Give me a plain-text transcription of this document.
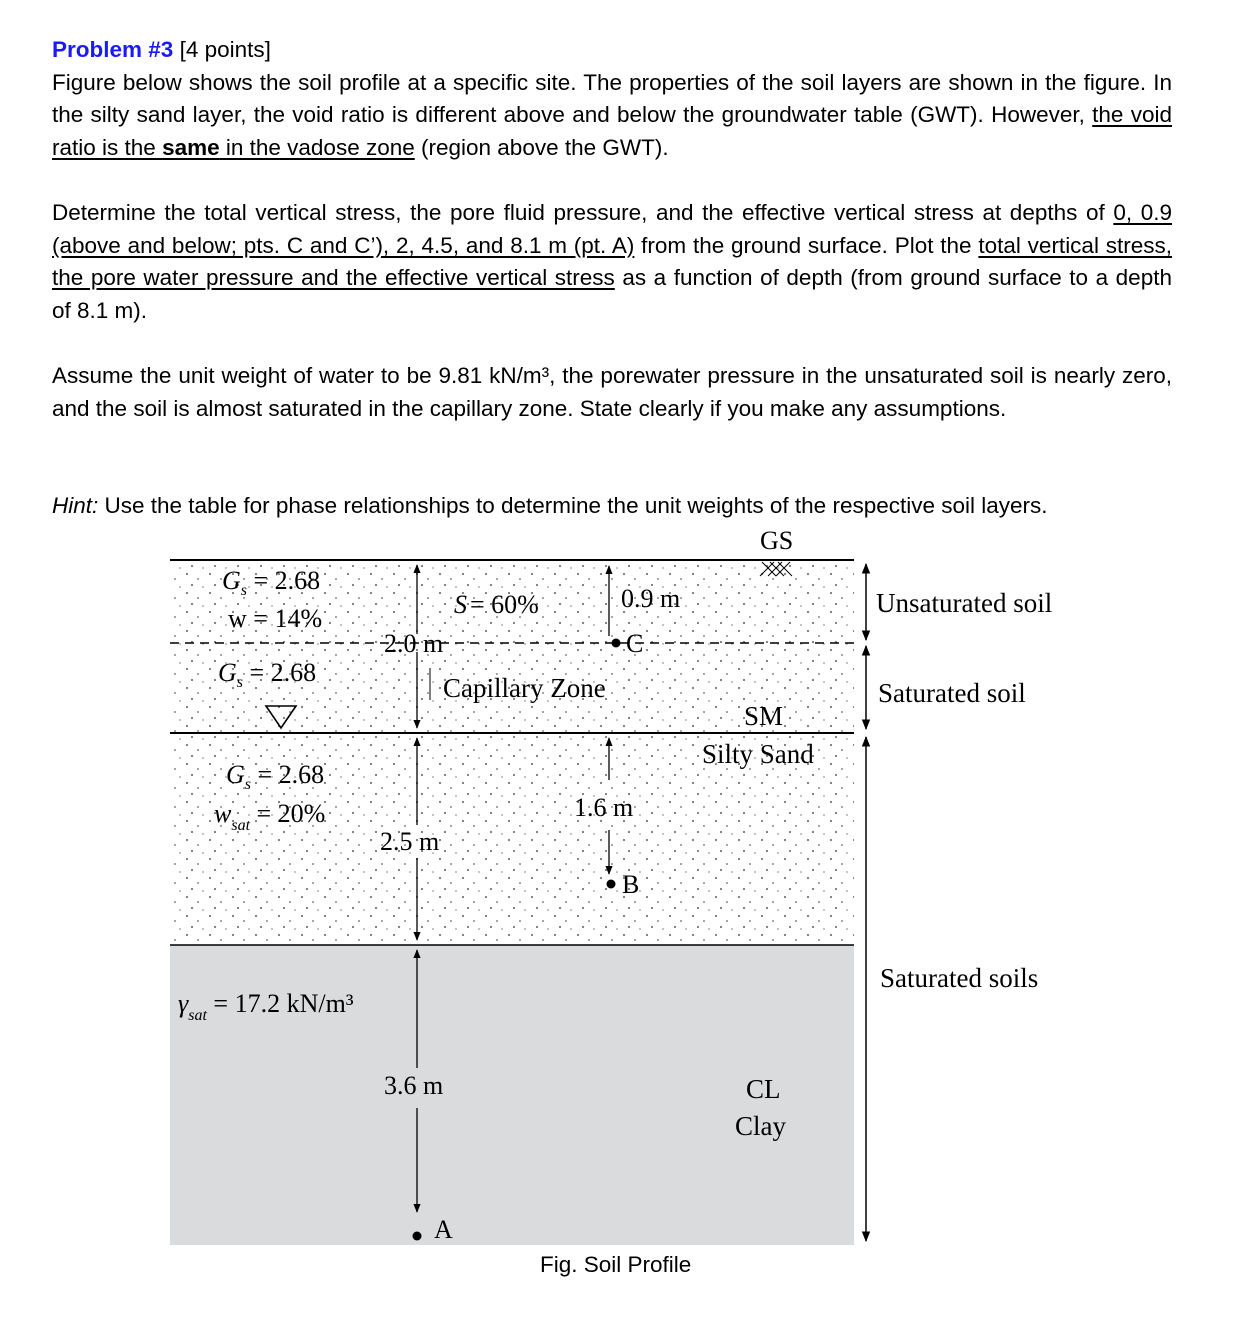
Problem #3 [4 points]
Figure below shows the soil profile at a specific site. The properties of the soil layers are shown in the figure. In the silty sand layer, the void ratio is different above and below the groundwater table (GWT). However, the void ratio is the same in the vadose zone (region above the GWT).
Determine the total vertical stress, the pore fluid pressure, and the effective vertical stress at depths of 0, 0.9 (above and below; pts. C and C’), 2, 4.5, and 8.1 m (pt. A) from the ground surface. Plot the total vertical stress, the pore water pressure and the effective vertical stress as a function of depth (from ground surface to a depth of 8.1 m).
Assume the unit weight of water to be 9.81 kN/m³, the porewater pressure in the unsaturated soil is nearly zero, and the soil is almost saturated in the capillary zone. State clearly if you make any assumptions.
Hint: Use the table for phase relationships to determine the unit weights of the respective soil layers.
GS
$G_s = 2.68$
w = 14%
$G_s = 2.68$
$G_s = 2.68$
$w_{sat} = 20\%$
$\gamma_{sat} = 17.2$ kN/m³
2.0 m
2.5 m
3.6 m
A
S = 60%
Capillary Zone
0.9 m
C
1.6 m
B
SM
Silty Sand
CL
Clay
Unsaturated soil
Saturated soil
Saturated soils
Fig. Soil Profile
